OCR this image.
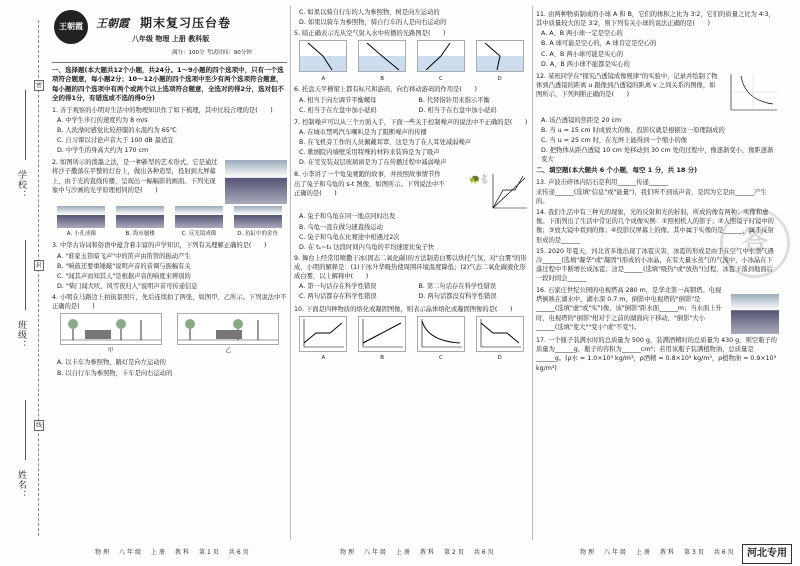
学校：
班级：
姓名：
密
封
线
王朝霞	王朝霞 期末复习压台卷
八年级 物理 上册 教科版
满分：100分 考试时间：90分钟

一、选择题(本大题共12个小题，共24分。1～9小题的四个选项中，只有一个选项符合题意，每小题2分；10～12小题的四个选项中至少有两个选项符合题意，每小题的四个选项中有两个或两个以上选项符合题意，全选对的得2分，选对但不全的得1分，有错选或不选的得0分)

1. 善于观察的小明对生活中的物理知识作了如下梳理，其中比较合理的是(　　)

A. 中学生步行的速度约为 8 m/s

B. 人洗澡时感觉比较舒服的水温约为 65℃

C. 自习课以讨论声音大于 100 dB 最适宜

D. 中学生的身高大约为 170 cm

2. 如图所示的泼墨之法，是一种新型的艺术形式，它是通过将沙子撒落在平整的灯台上，做出各种造型，投射到大屏幕上，由于光的直线传播，呈现出一幅幅影的画面。下列光现象中与沙画的光学原理相同的是(　　)

A. 小孔成像	B. 海市蜃楼	C. 反光镜成像	D. 鱼缸中的金鱼

3. 中华古诗词和俗语中蕴含着丰富的声学知识，下列有关理解正确的是(　　)

A. "谁家玉笛暗飞声"中的笛声由笛管的振动产生

B. "响鼓还要重锤敲"说明声音的音调与振幅有关

C. "闻其声而知其人"是根据声音的响度来辨别的

D. "柴门闻犬吠，风雪夜归人"说明声音可传递信息

4. 小明在马路边上拍街景照片，先后连续拍了两张，如图甲、乙所示。下列说法中不正确的是(　　)

甲	乙

A. 以卡车为参照物，路灯是向左运动的

B. 以自行车为参照物，卡车是向右运动的

C. 如果以骑自行车的人为参照物，树是向左运动的

D. 如果以骑车为参照物，骑自行车的人是向右运动的

5. 暗正确表示光从空气射入水中传播的光路图是(　　)

A	B	C	D

6. 托盘天平横梁上都有标尺和游码，向右移动游码的作用是(　　)

A. 相当于向左调节平衡螺母	B. 代替指针用来指示平衡

C. 相当于在左盘中加小砝码	D. 相当于在右盘中加小砝码

7. 控制噪声可以从三个方面入手，下面一些关于控制噪声的说法中不正确的是(　　)

A. 在城市禁鸣汽车喇叭是为了阻断噪声的传播

B. 在飞机旁工作的人员佩戴耳罩，这是为了在人耳处减弱噪声

C. 歌剧院内墙壁采用特殊的材料来装饰是为了吸声

D. 在宅安装双层玻璃窗是为了在传播过程中减弱噪声

8. 小李讲了一个龟兔赛跑的故事，并按照故事情节作出了兔子和乌龟的 s-t 图像，如图所示。下列说法中不正确的是(　　)

🐢
🐇

A. 兔子和乌龟在同一地点同时出发

B. 乌龟一直在做匀速直线运动

C. 兔子和乌龟在比赛途中相遇过2次

D. 在 t₁~t₄ 这段时间内乌龟的平均速度比兔子快

9. 舞台上经常用喷撒干冰(固态二氧化碳)的方法制造白雾以烘托气氛，对"白雾"的形成，小明的解释是：(1)干冰升华吸热使周围环境温度降低；(2)气态二氧化碳液化形成白雾，以上解释中(　　)

A. 第一句话存在科学性错误	B. 第二句话存在科学性错误

C. 两句话都存在科学性错误	D. 两句话都没有科学性错误

10. 下面是四种物质的熔化或凝固图像，则表示晶体熔化或凝固图像的是(　　)

A	B	C	D

11. 由两种物质制成的小球 A 和 B，它们的体积之比为 3∶2，它们的质量之比为 4∶3，其中质量较大的是 3∶2，则下列有关小球的说法正确的是(　　)

A. A、B 两小球一定是空心的

B. A 球可能是空心的，A 球肯定是空心的

C. A、B 两小球可能是实心的

D. A、B 两小球不能都是实心的

12. 某班同学在"探究凸透镜成像规律"的实验中，记录并绘制了物体到凸透镜的距离 u 跟像到凸透镜的距离 v 之间关系的图像，如图所示，下列判断正确的是(　　)

A. 该凸透镜的焦距是 20 cm

B. 当 u = 15 cm 时成放大的像，投影仪就是根据这一原理制成的

C. 当 u = 25 cm 时，在光屏上能得到一个缩小的像

D. 把物体从距凸透镜 10 cm 处移动到 30 cm 处的过程中，像逐渐变小，像距逐渐变大

二、填空题(本大题共 6 个小题，每空 1 分，共 18 分)

13. 声波击碎体内结石是利用______传递______

来传递______(选填"信息"或"能量")，我们听不到该声音，是因为它是由______产生的。

14. 我们生活中有三种光的现象，光的反射和光的折射，所成的像有两种：实像和虚像。下面列出了生活中常见的几个成像实例：①照相机人的影子；②人照镜子时镜中的像；③放大镜中看到的像；④投影仪屏幕上的像。其中属于实像的是______，属于反射形成的是______

15. 2020 年夏天，河北省多地出现了冰雹灾害，冰雹的形成是由于在空气中水蒸气遇冷______(选填"凝华"或"凝固")形成的小冰晶，在有大量水蒸气的气流中，小冰晶在下落过程中不断增长成冰雹；这是______(选填"吸热"或"放热")过程，冰雹下落到地面后一段时间会______

16. 石家庄世纪公园的电视塔高 280 m，是华北第一高钢塔。电视塔倒映在湖水中，湖水深 0.7 m，倒影中电视塔的"倒影"是______(选填"虚"或"实")像，该"倒影"距水面______m；当水面上升时，电视塔的"倒影"相对于之前的湖面向下移动，"倒影"大小______(选填"变大""变小"或"不变")。

17. 一个瓶子装满水时的总质量为 500 g，装满酒精时的总质量为 430 g，则空瓶子的质量为______g，瓶子的容积为______cm³；若用该瓶子装满植物油，总质量是______g。(ρ水 = 1.0×10³ kg/m³，ρ酒精 = 0.8×10³ kg/m³，ρ植物油 = 0.9×10³ kg/m³)

答
物理　八年级　上册　教科　第1页　共6页	物理　八年级　上册　教科　第2页　共6页	物理　八年级　上册　教科　第3页　共6页	河北专用
